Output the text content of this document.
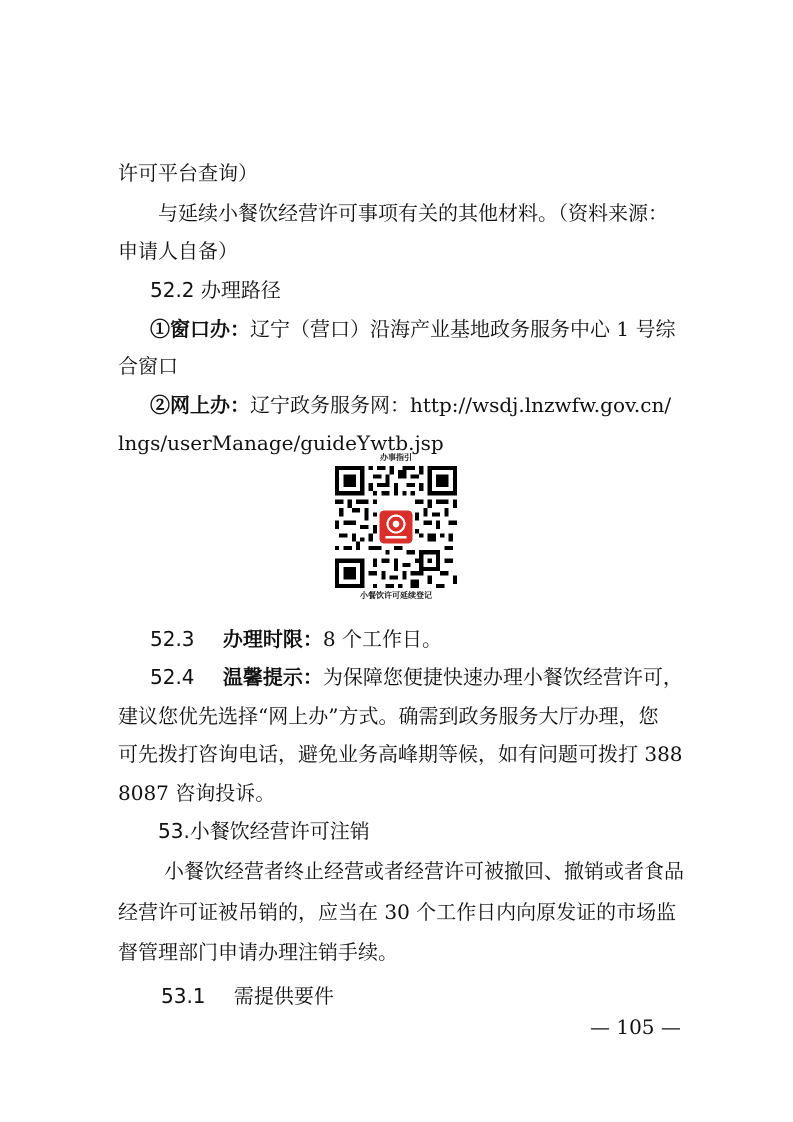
许可平台查询）
与延续小餐饮经营许可事项有关的其他材料。（资料来源：
申请人自备）
52.2 办理路径
①窗口办：辽宁（营口）沿海产业基地政务服务中心 1 号综
合窗口
②网上办：辽宁政务服务网：http://wsdj.lnzwfw.gov.cn/
lngs/userManage/guideYwtb.jsp
办事指引
小餐饮许可延续登记
52.3 办理时限：8 个工作日。
52.4 温馨提示：为保障您便捷快速办理小餐饮经营许可，
建议您优先选择“网上办”方式。确需到政务服务大厅办理，您
可先拨打咨询电话，避免业务高峰期等候，如有问题可拨打 388
8087 咨询投诉。
53.小餐饮经营许可注销
小餐饮经营者终止经营或者经营许可被撤回、撤销或者食品
经营许可证被吊销的，应当在 30 个工作日内向原发证的市场监
督管理部门申请办理注销手续。
53.1 需提供要件
— 105 —
